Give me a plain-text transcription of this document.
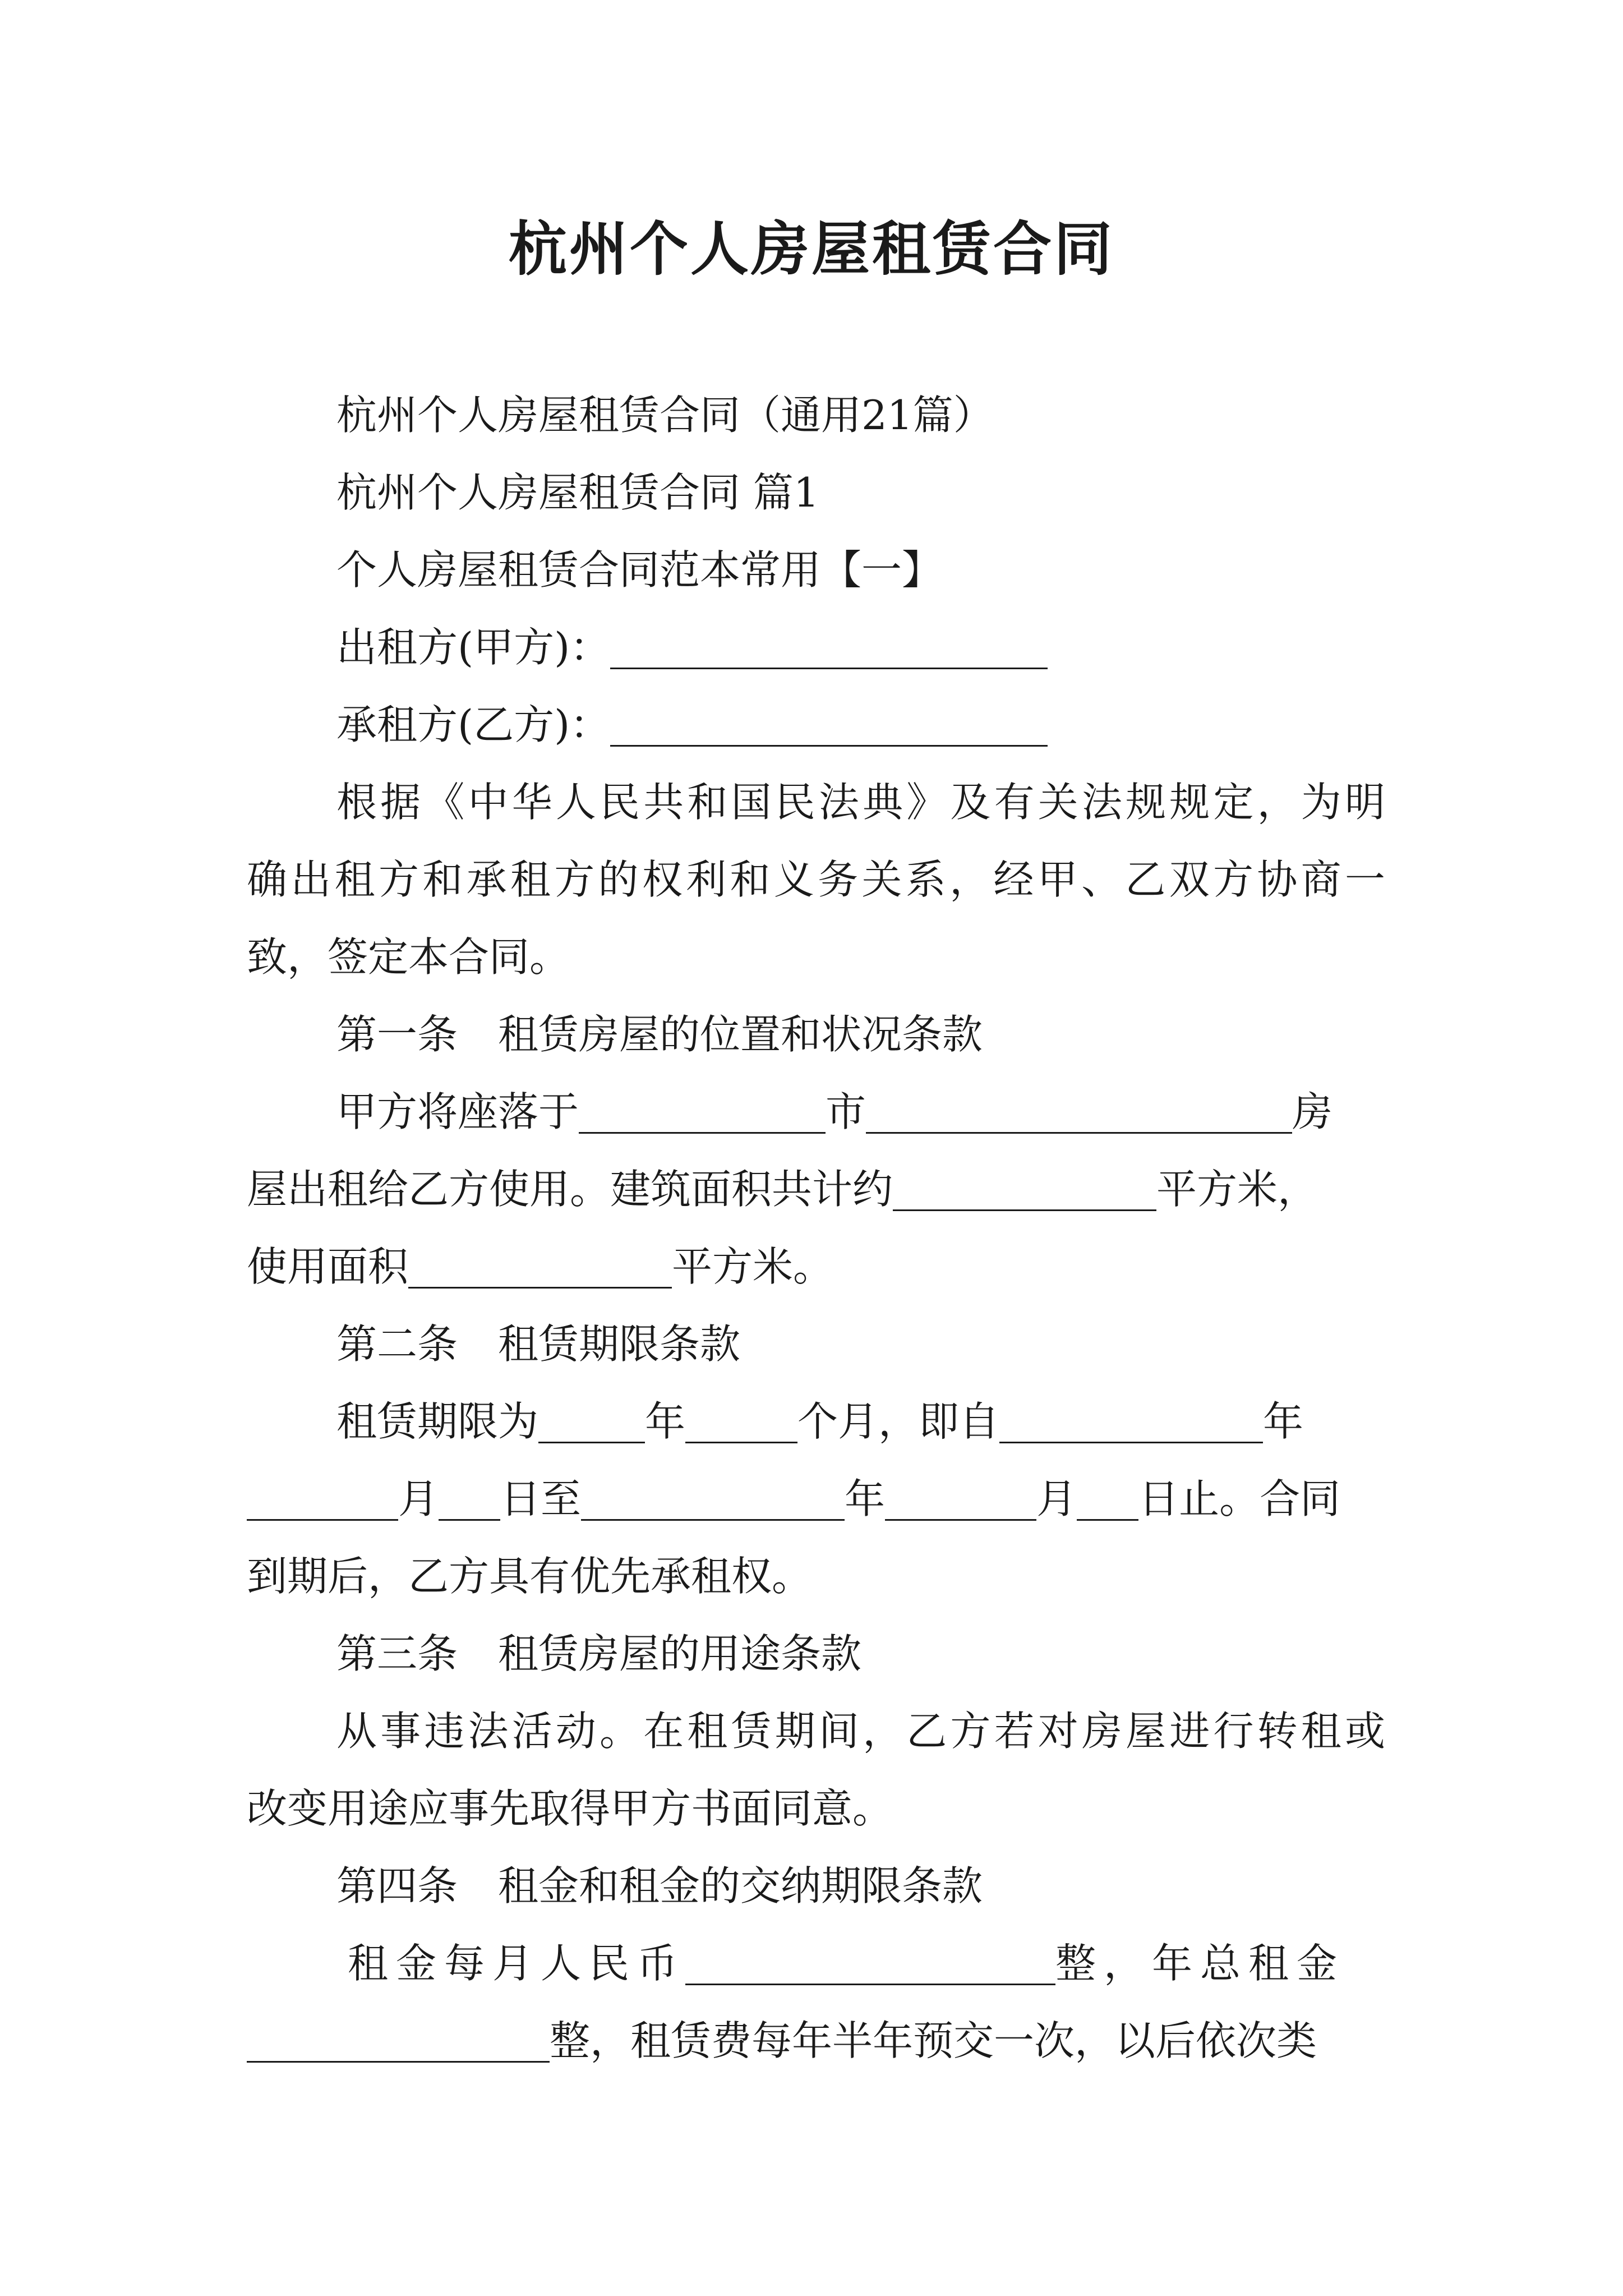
杭州个人房屋租赁合同
杭州个人房屋租赁合同（通用21篇）
杭州个人房屋租赁合同 篇1
个人房屋租赁合同范本常用【一】
出租方(甲方)：
承租方(乙方)：
根据《中华人民共和国民法典》及有关法规规定，为明
确出租方和承租方的权利和义务关系，经甲、乙双方协商一
致，签定本合同。
第一条　租赁房屋的位置和状况条款
甲方将座落于	市	房
屋出租给乙方使用。建筑面积共计约	平方米，
使用面积	平方米。
第二条　租赁期限条款
租赁期限为	年	个月，即自	年
月 日至	年	月 日止。合同
到期后，乙方具有优先承租权。
第三条　租赁房屋的用途条款
从事违法活动。在租赁期间，乙方若对房屋进行转租或
改变用途应事先取得甲方书面同意。
第四条　租金和租金的交纳期限条款
租金每月人民币	整，年总租金
整，租赁费每年半年预交一次，以后依次类
